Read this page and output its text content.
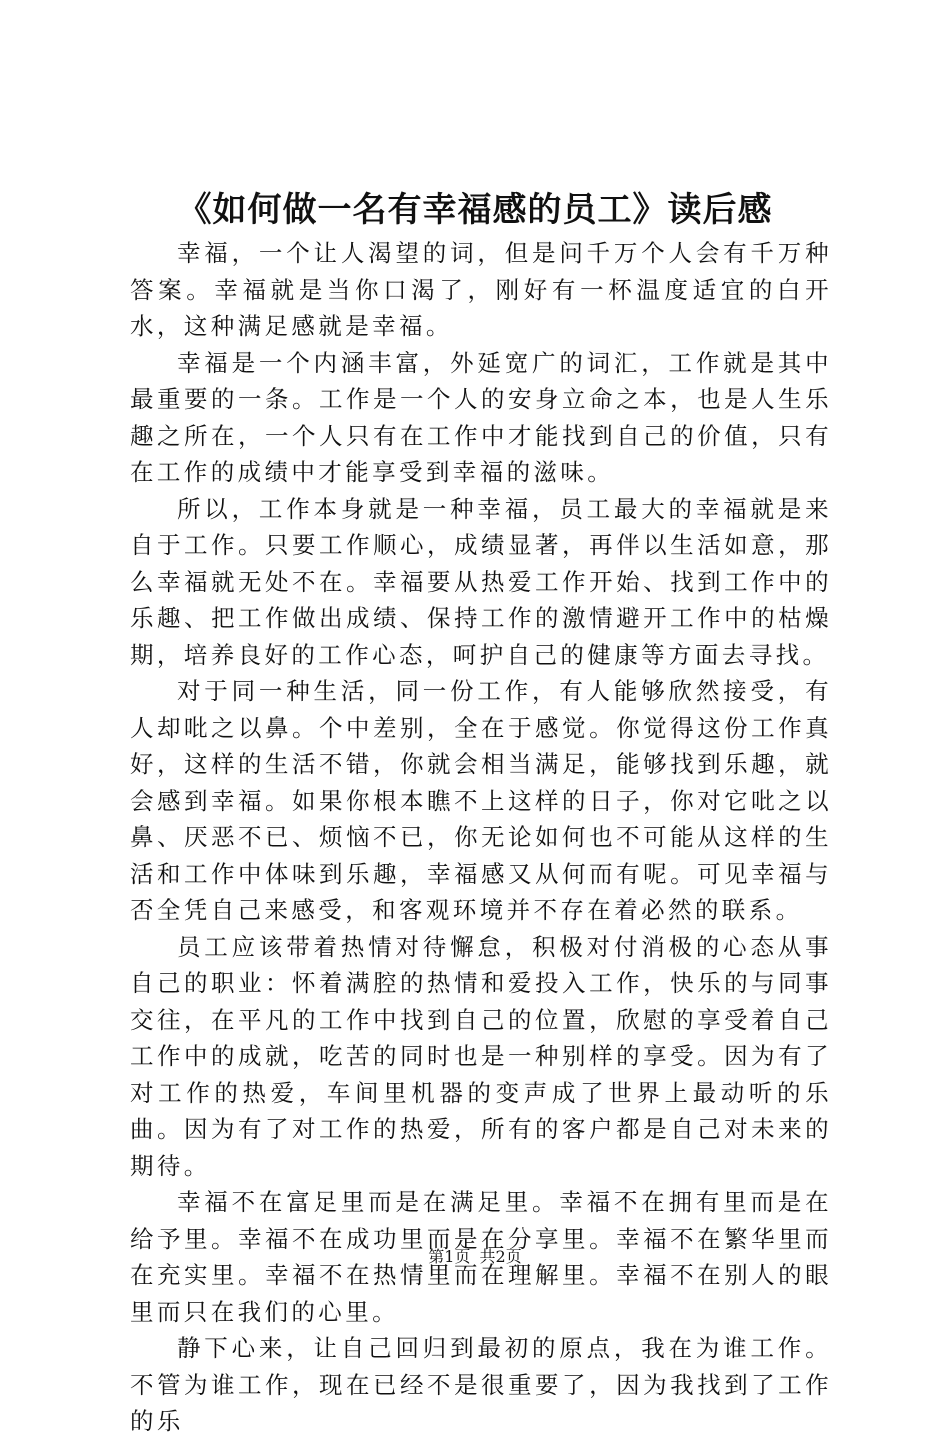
《如何做一名有幸福感的员工》读后感

幸福，一个让人渴望的词，但是问千万个人会有千万种答案。幸福就是当你口渴了，刚好有一杯温度适宜的白开水，这种满足感就是幸福。

幸福是一个内涵丰富，外延宽广的词汇，工作就是其中最重要的一条。工作是一个人的安身立命之本，也是人生乐趣之所在，一个人只有在工作中才能找到自己的价值，只有在工作的成绩中才能享受到幸福的滋味。

所以，工作本身就是一种幸福，员工最大的幸福就是来自于工作。只要工作顺心，成绩显著，再伴以生活如意，那么幸福就无处不在。幸福要从热爱工作开始、找到工作中的乐趣、把工作做出成绩、保持工作的激情避开工作中的枯燥期，培养良好的工作心态，呵护自己的健康等方面去寻找。

对于同一种生活，同一份工作，有人能够欣然接受，有人却吡之以鼻。个中差别，全在于感觉。你觉得这份工作真好，这样的生活不错，你就会相当满足，能够找到乐趣，就会感到幸福。如果你根本瞧不上这样的日子，你对它吡之以鼻、厌恶不已、烦恼不已，你无论如何也不可能从这样的生活和工作中体味到乐趣，幸福感又从何而有呢。可见幸福与否全凭自己来感受，和客观环境并不存在着必然的联系。

员工应该带着热情对待懈怠，积极对付消极的心态从事自己的职业：怀着满腔的热情和爱投入工作，快乐的与同事交往，在平凡的工作中找到自己的位置，欣慰的享受着自己工作中的成就，吃苦的同时也是一种别样的享受。因为有了对工作的热爱，车间里机器的变声成了世界上最动听的乐曲。因为有了对工作的热爱，所有的客户都是自己对未来的期待。

幸福不在富足里而是在满足里。幸福不在拥有里而是在给予里。幸福不在成功里而是在分享里。幸福不在繁华里而在充实里。幸福不在热情里而在理解里。幸福不在别人的眼里而只在我们的心里。

静下心来，让自己回归到最初的原点，我在为谁工作。不管为谁工作，现在已经不是很重要了，因为我找到了工作的乐

第1页 共2页
